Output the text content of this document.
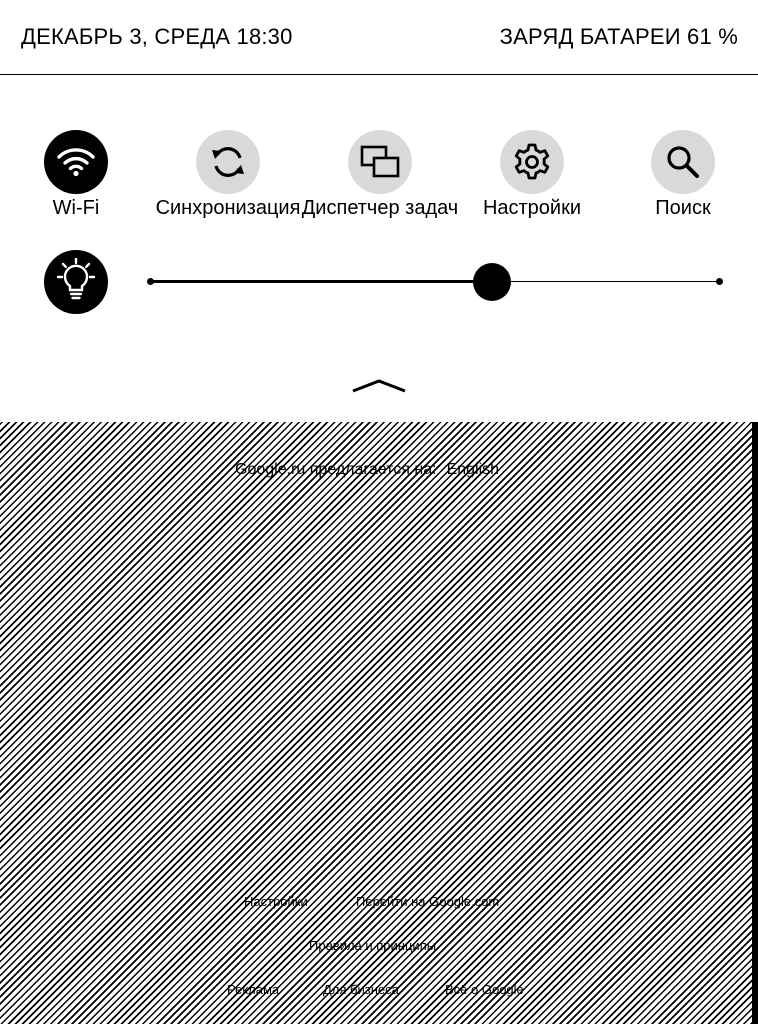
ДЕКАБРЬ 3, СРЕДА 18:30	ЗАРЯД БАТАРЕИ 61 %
Google.ru предлагается на: English
Настройки	Перейти на Google.com
Правила и принципы
Реклама	Для бизнеса	Всё о Google
Wi-Fi	Синхронизация Диспетчер задач	Настройки	Поиск
